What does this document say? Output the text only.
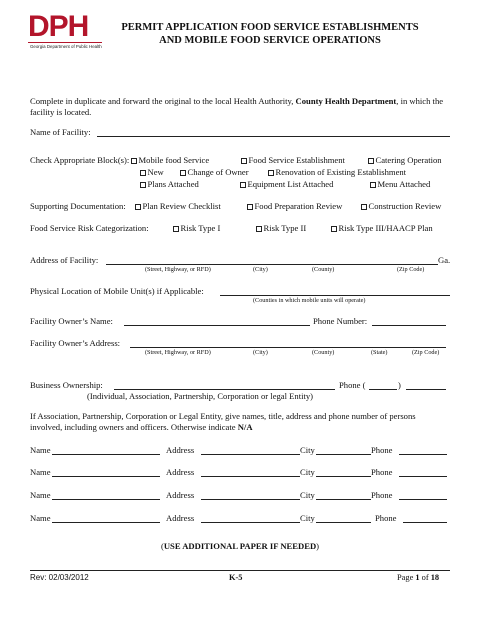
DPH
Georgia Department of Public Health
PERMIT APPLICATION FOOD SERVICE ESTABLISHMENTS
AND MOBILE FOOD SERVICE OPERATIONS
Complete in duplicate and forward the original to the local Health Authority, County Health Department, in which the
facility is located.
Name of Facility:
Check Appropriate Block(s):	Mobile food Service	Food Service Establishment	Catering Operation
New	Change of Owner	Renovation of Existing Establishment
Plans Attached	Equipment List Attached	Menu Attached
Supporting Documentation:	Plan Review Checklist	Food Preparation Review	Construction Review
Food Service Risk Categorization:	Risk Type I	Risk Type II	Risk Type III/HAACP Plan
Address of Facility:	Ga.
(Street, Highway, or RFD)	(City)	(County)	(Zip Code)
Physical Location of Mobile Unit(s) if Applicable:
(Counties in which mobile units will operate)
Facility Owner’s Name:	Phone Number:
Facility Owner’s Address:
(Street, Highway, or RFD)	(City)	(County)	(State)	(Zip Code)
Business Ownership:	Phone (	)
(Individual, Association, Partnership, Corporation or legal Entity)
If Association, Partnership, Corporation or Legal Entity, give names, title, address and phone number of persons
involved, including owners and officers. Otherwise indicate N/A
Name	Address	City	Phone
Name	Address	City	Phone
Name	Address	City	Phone
Name	Address	City	Phone
(USE ADDITIONAL PAPER IF NEEDED)
Rev: 02/03/2012	K-5	Page 1 of 18
